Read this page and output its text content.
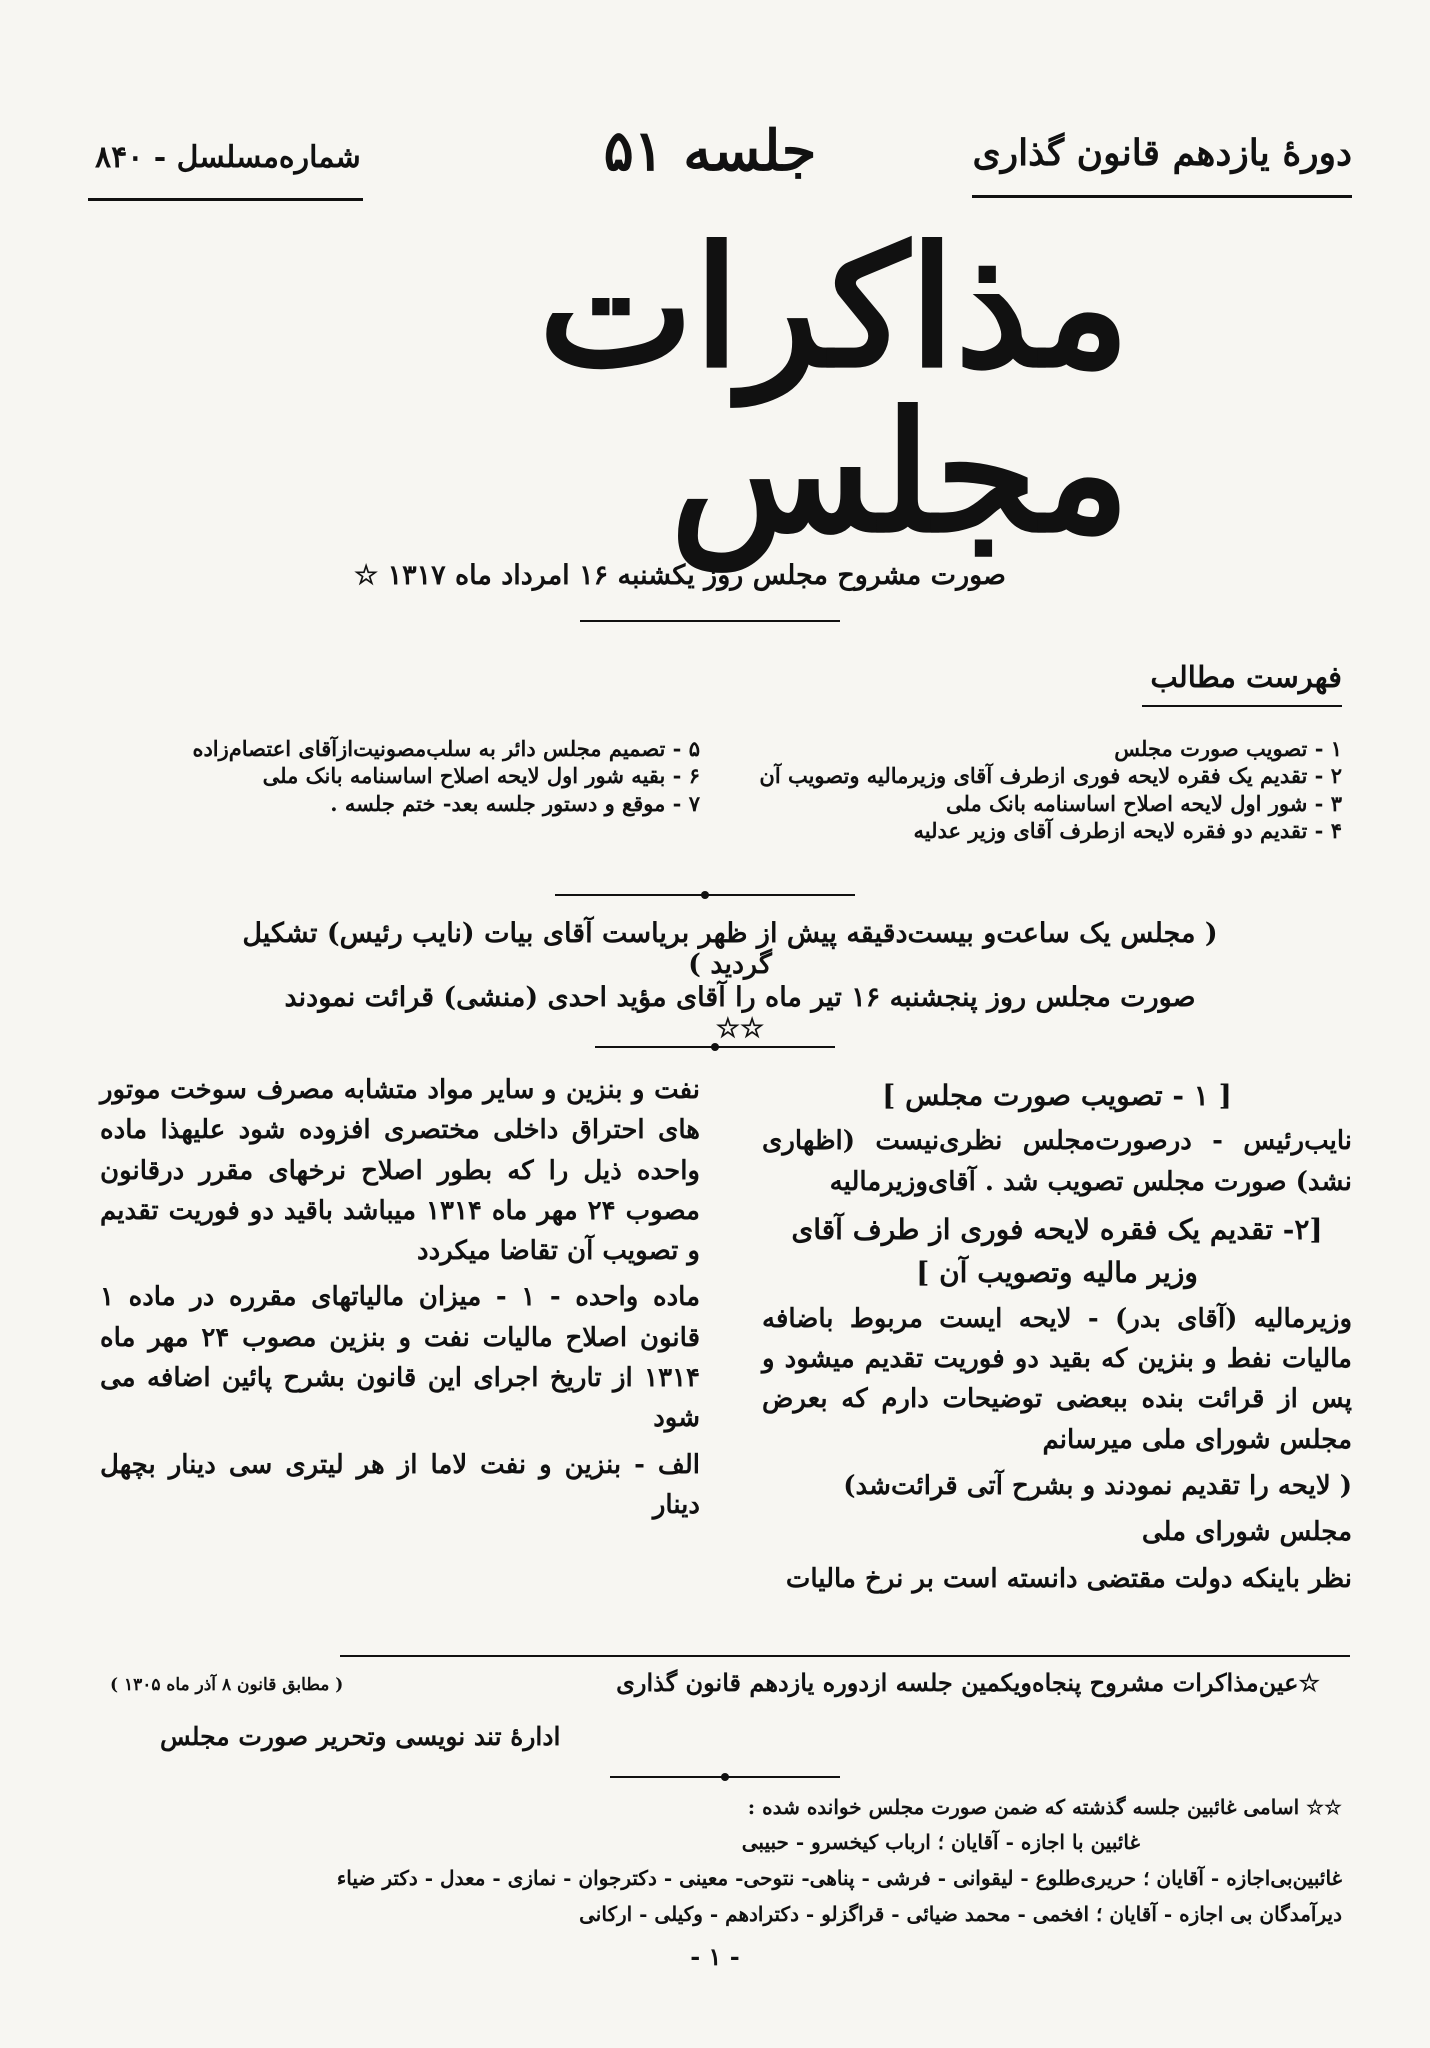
دورهٔ یازدهم قانون گذاری
جلسه ۵۱
شماره‌مسلسل - ۸۴۰
مذاکرات مجلس
صورت مشروح مجلس روز یکشنبه ۱۶ امرداد ماه ۱۳۱۷ ☆
فهرست مطالب
۱ - تصویب صورت مجلس
۲ - تقدیم یک فقره لایحه فوری ازطرف آقای وزیرمالیه وتصویب آن
۳ - شور اول لایحه اصلاح اساسنامه بانک ملی
۴ - تقدیم دو فقره لایحه ازطرف آقای وزیر عدلیه
۵ - تصمیم مجلس دائر به سلب‌مصونیت‌ازآقای اعتصام‌زاده
۶ - بقیه شور اول لایحه اصلاح اساسنامه بانک ملی
۷ - موقع و دستور جلسه بعد- ختم جلسه .
( مجلس یک ساعت‌و بیست‌دقیقه پیش از ظهر بریاست آقای بیات (نایب رئیس) تشکیل گردید )
صورت مجلس روز پنجشنبه ۱۶ تیر ماه را آقای مؤید احدی (منشی) قرائت نمودند ☆☆
[ ۱ - تصویب صورت مجلس ]

نایب‌رئیس - درصورت‌مجلس نظری‌نیست (اظهاری نشد) صورت مجلس تصویب شد . آقای‌وزیرمالیه

[۲- تقدیم یک فقره لایحه فوری از طرف آقای وزیر مالیه وتصویب آن ]

وزیرمالیه (آقای بدر) - لایحه ایست مربوط باضافه مالیات نفط و بنزین که بقید دو فوریت تقدیم میشود و پس از قرائت بنده ‌ببعضی توضیحات دارم که بعرض مجلس شورای ملی میرسانم

( لایحه را تقدیم نمودند و بشرح آتی قرائت‌شد)

مجلس شورای ملی

نظر باینکه دولت مقتضی دانسته است بر نرخ مالیات

نفت و بنزین و سایر مواد متشابه مصرف سوخت موتور های احتراق داخلی مختصری افزوده شود علیهذا ماده واحده ذیل را که بطور اصلاح نرخهای مقرر درقانون مصوب ۲۴ مهر ماه ۱۳۱۴ میباشد باقید دو فوریت تقدیم و تصویب آن تقاضا میکردد

ماده واحده - ۱ - میزان مالیاتهای مقرره در ماده ۱ قانون اصلاح مالیات نفت و بنزین مصوب ۲۴ مهر ماه ۱۳۱۴ از تاریخ اجرای این قانون بشرح پائین اضافه می شود

الف - بنزین و نفت لاما از هر لیتری سی دینار بچهل دینار

☆عین‌مذاکرات مشروح پنجاه‌ویکمین جلسه ازدوره یازدهم قانون گذاری
( مطابق قانون ۸ آذر ماه ۱۳۰۵ )
ادارهٔ تند نویسی وتحریر صورت مجلس
☆☆ اسامی غائبین جلسه گذشته که ضمن صورت مجلس خوانده شده :
غائبین با اجازه - آقایان ؛ ارباب کیخسرو - حبیبی
غائبین‌بی‌اجازه - آقایان ؛ حریری‌طلوع - لیقوانی - فرشی - پناهی- نتوحی- معینی - دکترجوان - نمازی - معدل - دکتر ضیاء
دیرآمدگان بی اجازه - آقایان ؛ افخمی - محمد ضیائی - قراگزلو - دکترادهم - وکیلی - ارکانی
- ۱ -
